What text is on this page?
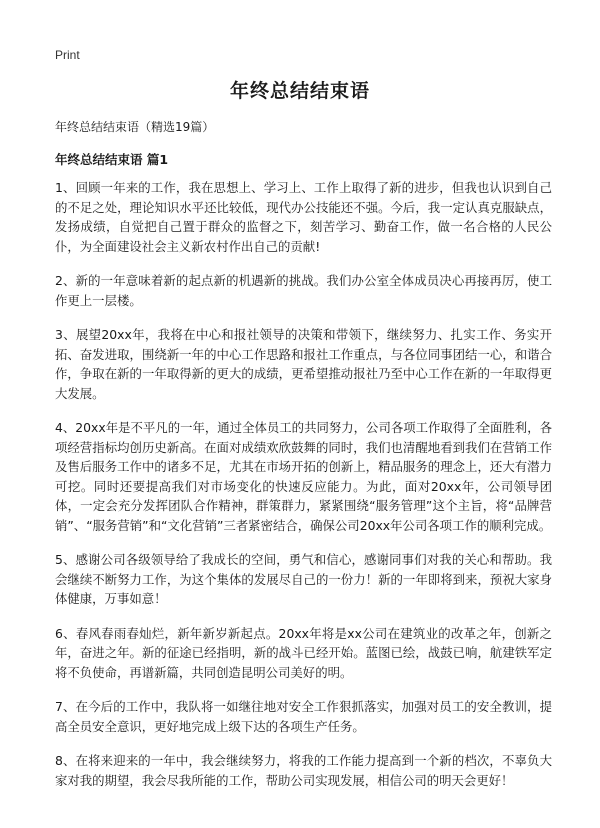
Print
年终总结结束语

年终总结结束语（精选19篇）

年终总结结束语 篇1

1、回顾一年来的工作，我在思想上、学习上、工作上取得了新的进步，但我也认识到自己的不足之处，理论知识水平还比较低，现代办公技能还不强。今后，我一定认真克服缺点，发扬成绩，自觉把自己置于群众的监督之下，刻苦学习、勤奋工作，做一名合格的人民公仆，为全面建设社会主义新农村作出自己的贡献!

2、新的一年意味着新的起点新的机遇新的挑战。我们办公室全体成员决心再接再厉，使工作更上一层楼。

3、展望20xx年，我将在中心和报社领导的决策和带领下，继续努力、扎实工作、务实开拓、奋发进取，围绕新一年的中心工作思路和报社工作重点，与各位同事团结一心，和谐合作，争取在新的一年取得新的更大的成绩，更希望推动报社乃至中心工作在新的一年取得更大发展。

4、20xx年是不平凡的一年，通过全体员工的共同努力，公司各项工作取得了全面胜利，各项经营指标均创历史新高。在面对成绩欢欣鼓舞的同时，我们也清醒地看到我们在营销工作及售后服务工作中的诸多不足，尤其在市场开拓的创新上，精品服务的理念上，还大有潜力可挖。同时还要提高我们对市场变化的快速反应能力。为此，面对20xx年，公司领导团体，一定会充分发挥团队合作精神，群策群力，紧紧围绕“服务管理”这个主旨，将“品牌营销”、“服务营销”和“文化营销”三者紧密结合，确保公司20xx年公司各项工作的顺利完成。

5、感谢公司各级领导给了我成长的空间，勇气和信心，感谢同事们对我的关心和帮助。我会继续不断努力工作，为这个集体的发展尽自己的一份力！新的一年即将到来，预祝大家身体健康，万事如意！

6、春风春雨春灿烂，新年新岁新起点。20xx年将是xx公司在建筑业的改革之年，创新之年，奋进之年。新的征途已经指明，新的战斗已经开始。蓝图已绘，战鼓已响，航建铁军定将不负使命，再谱新篇，共同创造昆明公司美好的明。

7、在今后的工作中，我队将一如继往地对安全工作狠抓落实，加强对员工的安全教训，提高全员安全意识，更好地完成上级下达的各项生产任务。

8、在将来迎来的一年中，我会继续努力，将我的工作能力提高到一个新的档次，不辜负大家对我的期望，我会尽我所能的工作，帮助公司实现发展，相信公司的明天会更好！
